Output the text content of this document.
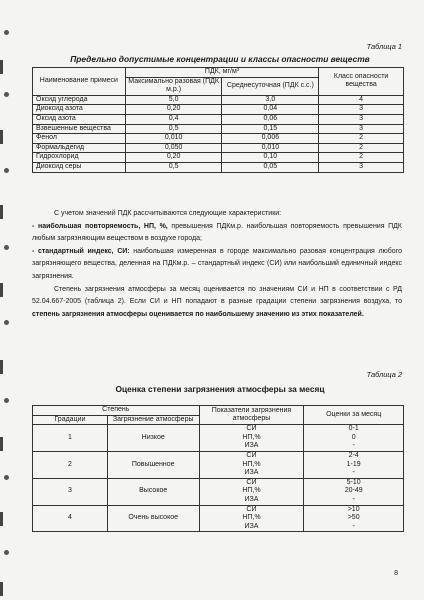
Таблица 1
Предельно допустимые концентрации и классы опасности веществ
Наименование примеси	ПДК, мг/м³		Класс опасности вещества
	Максимально разовая (ПДК м.р.)	Среднесуточная (ПДК с.с.)	
Оксид углерода	5,0	3,0	4
Диоксид азота	0,20	0,04	3
Оксид азота	0,4	0,06	3
Взвешенные вещества	0,5	0,15	3
Фенол	0,010	0,006	2
Формальдегид	0,050	0,010	2
Гидрохлорид	0,20	0,10	2
Диоксид серы	0,5	0,05	3

С учетом значений ПДК рассчитываются следующие характеристики:

- наибольшая повторяемость, НП, %, превышения ПДКм.р. наибольшая повторяемость превышения ПДК любым загрязняющим веществом в воздухе города;

- стандартный индекс, СИ: наибольшая измеренная в городе максимально разовая концентрация любого загрязняющего вещества, деленная на ПДКм.р. – стандартный индекс (СИ) или наибольший единичный индекс загрязнения.

Степень загрязнения атмосферы за месяц оценивается по значениям СИ и НП в соответствии с РД 52.04.667-2005 (таблица 2). Если СИ и НП попадают в разные градации степени загрязнения воздуха, то степень загрязнения атмосферы оценивается по наибольшему значению из этих показателей.

Таблица 2
Оценка степени загрязнения атмосферы за месяц
Степень		Показатели загрязнения атмосферы	Оценки за месяц
Градации	Загрязнение атмосферы		
1	Низкое	СИ	0-1
		НП,%	0
		ИЗА	-
2	Повышенное	СИ	2-4
		НП,%	1-19
		ИЗА	-
3	Высокое	СИ	5-10
		НП,%	20-49
		ИЗА	-
4	Очень высокое	СИ	>10
		НП,%	>50
		ИЗА	-
8
